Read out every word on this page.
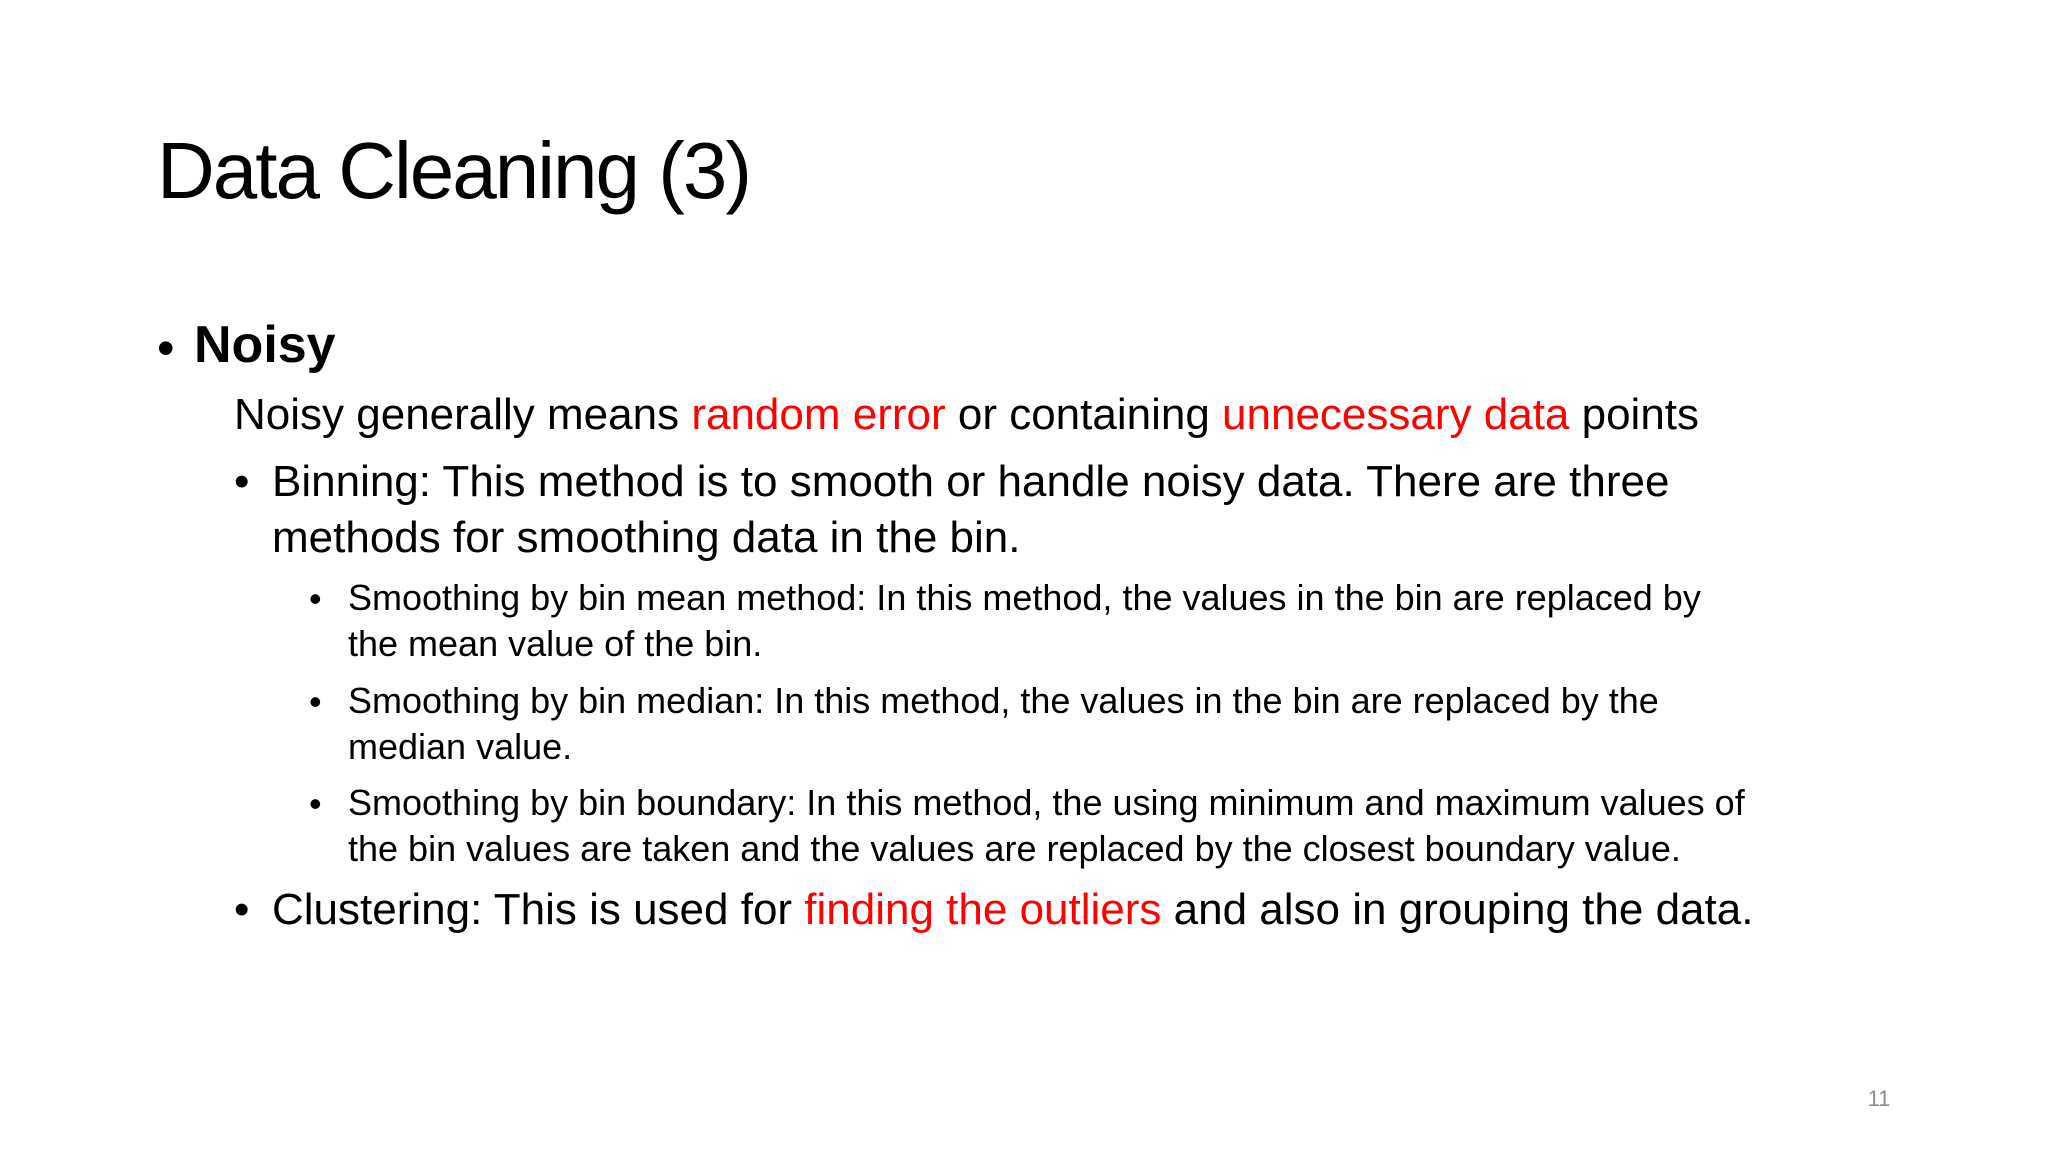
Data Cleaning (3)
• Noisy
Noisy generally means random error or containing unnecessary data points
• Binning: This method is to smooth or handle noisy data. There are three
methods for smoothing data in the bin.
• Smoothing by bin mean method: In this method, the values in the bin are replaced by
the mean value of the bin.
• Smoothing by bin median: In this method, the values in the bin are replaced by the
median value.
• Smoothing by bin boundary: In this method, the using minimum and maximum values of
the bin values are taken and the values are replaced by the closest boundary value.
• Clustering: This is used for finding the outliers and also in grouping the data.
11
